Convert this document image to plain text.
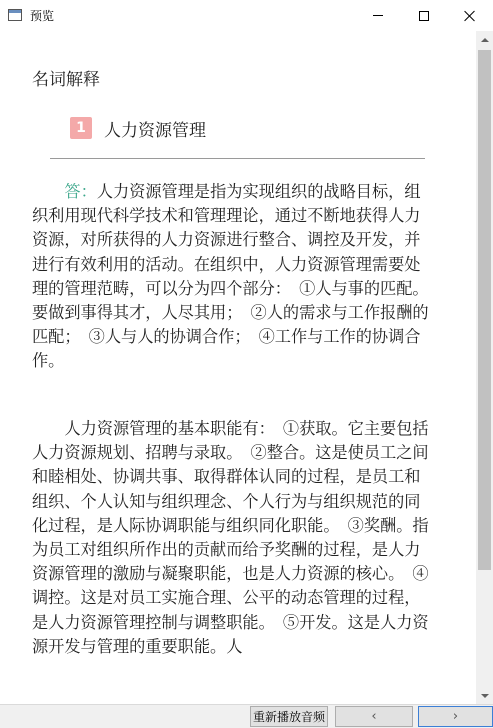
预览
名词解释
1	人力资源管理

答：人力资源管理是指为实现组织的战略目标，组织利用现代科学技术和管理理论，通过不断地获得人力资源，对所获得的人力资源进行整合、调控及开发，并进行有效利用的活动。在组织中，人力资源管理需要处理的管理范畴，可以分为四个部分：　①人与事的匹配。要做到事得其才，人尽其用；　②人的需求与工作报酬的匹配；　③人与人的协调合作；　④工作与工作的协调合作。

人力资源管理的基本职能有：　①获取。它主要包括人力资源规划、招聘与录取。　②整合。这是使员工之间和睦相处、协调共事、取得群体认同的过程，是员工和组织、个人认知与组织理念、个人行为与组织规范的同化过程，是人际协调职能与组织同化职能。　③奖酬。指为员工对组织所作出的贡献而给予奖酬的过程，是人力资源管理的激励与凝聚职能，也是人力资源的核心。　④调控。这是对员工实施合理、公平的动态管理的过程，是人力资源管理控制与调整职能。　⑤开发。这是人力资源开发与管理的重要职能。人

重新播放音频	‹	›
